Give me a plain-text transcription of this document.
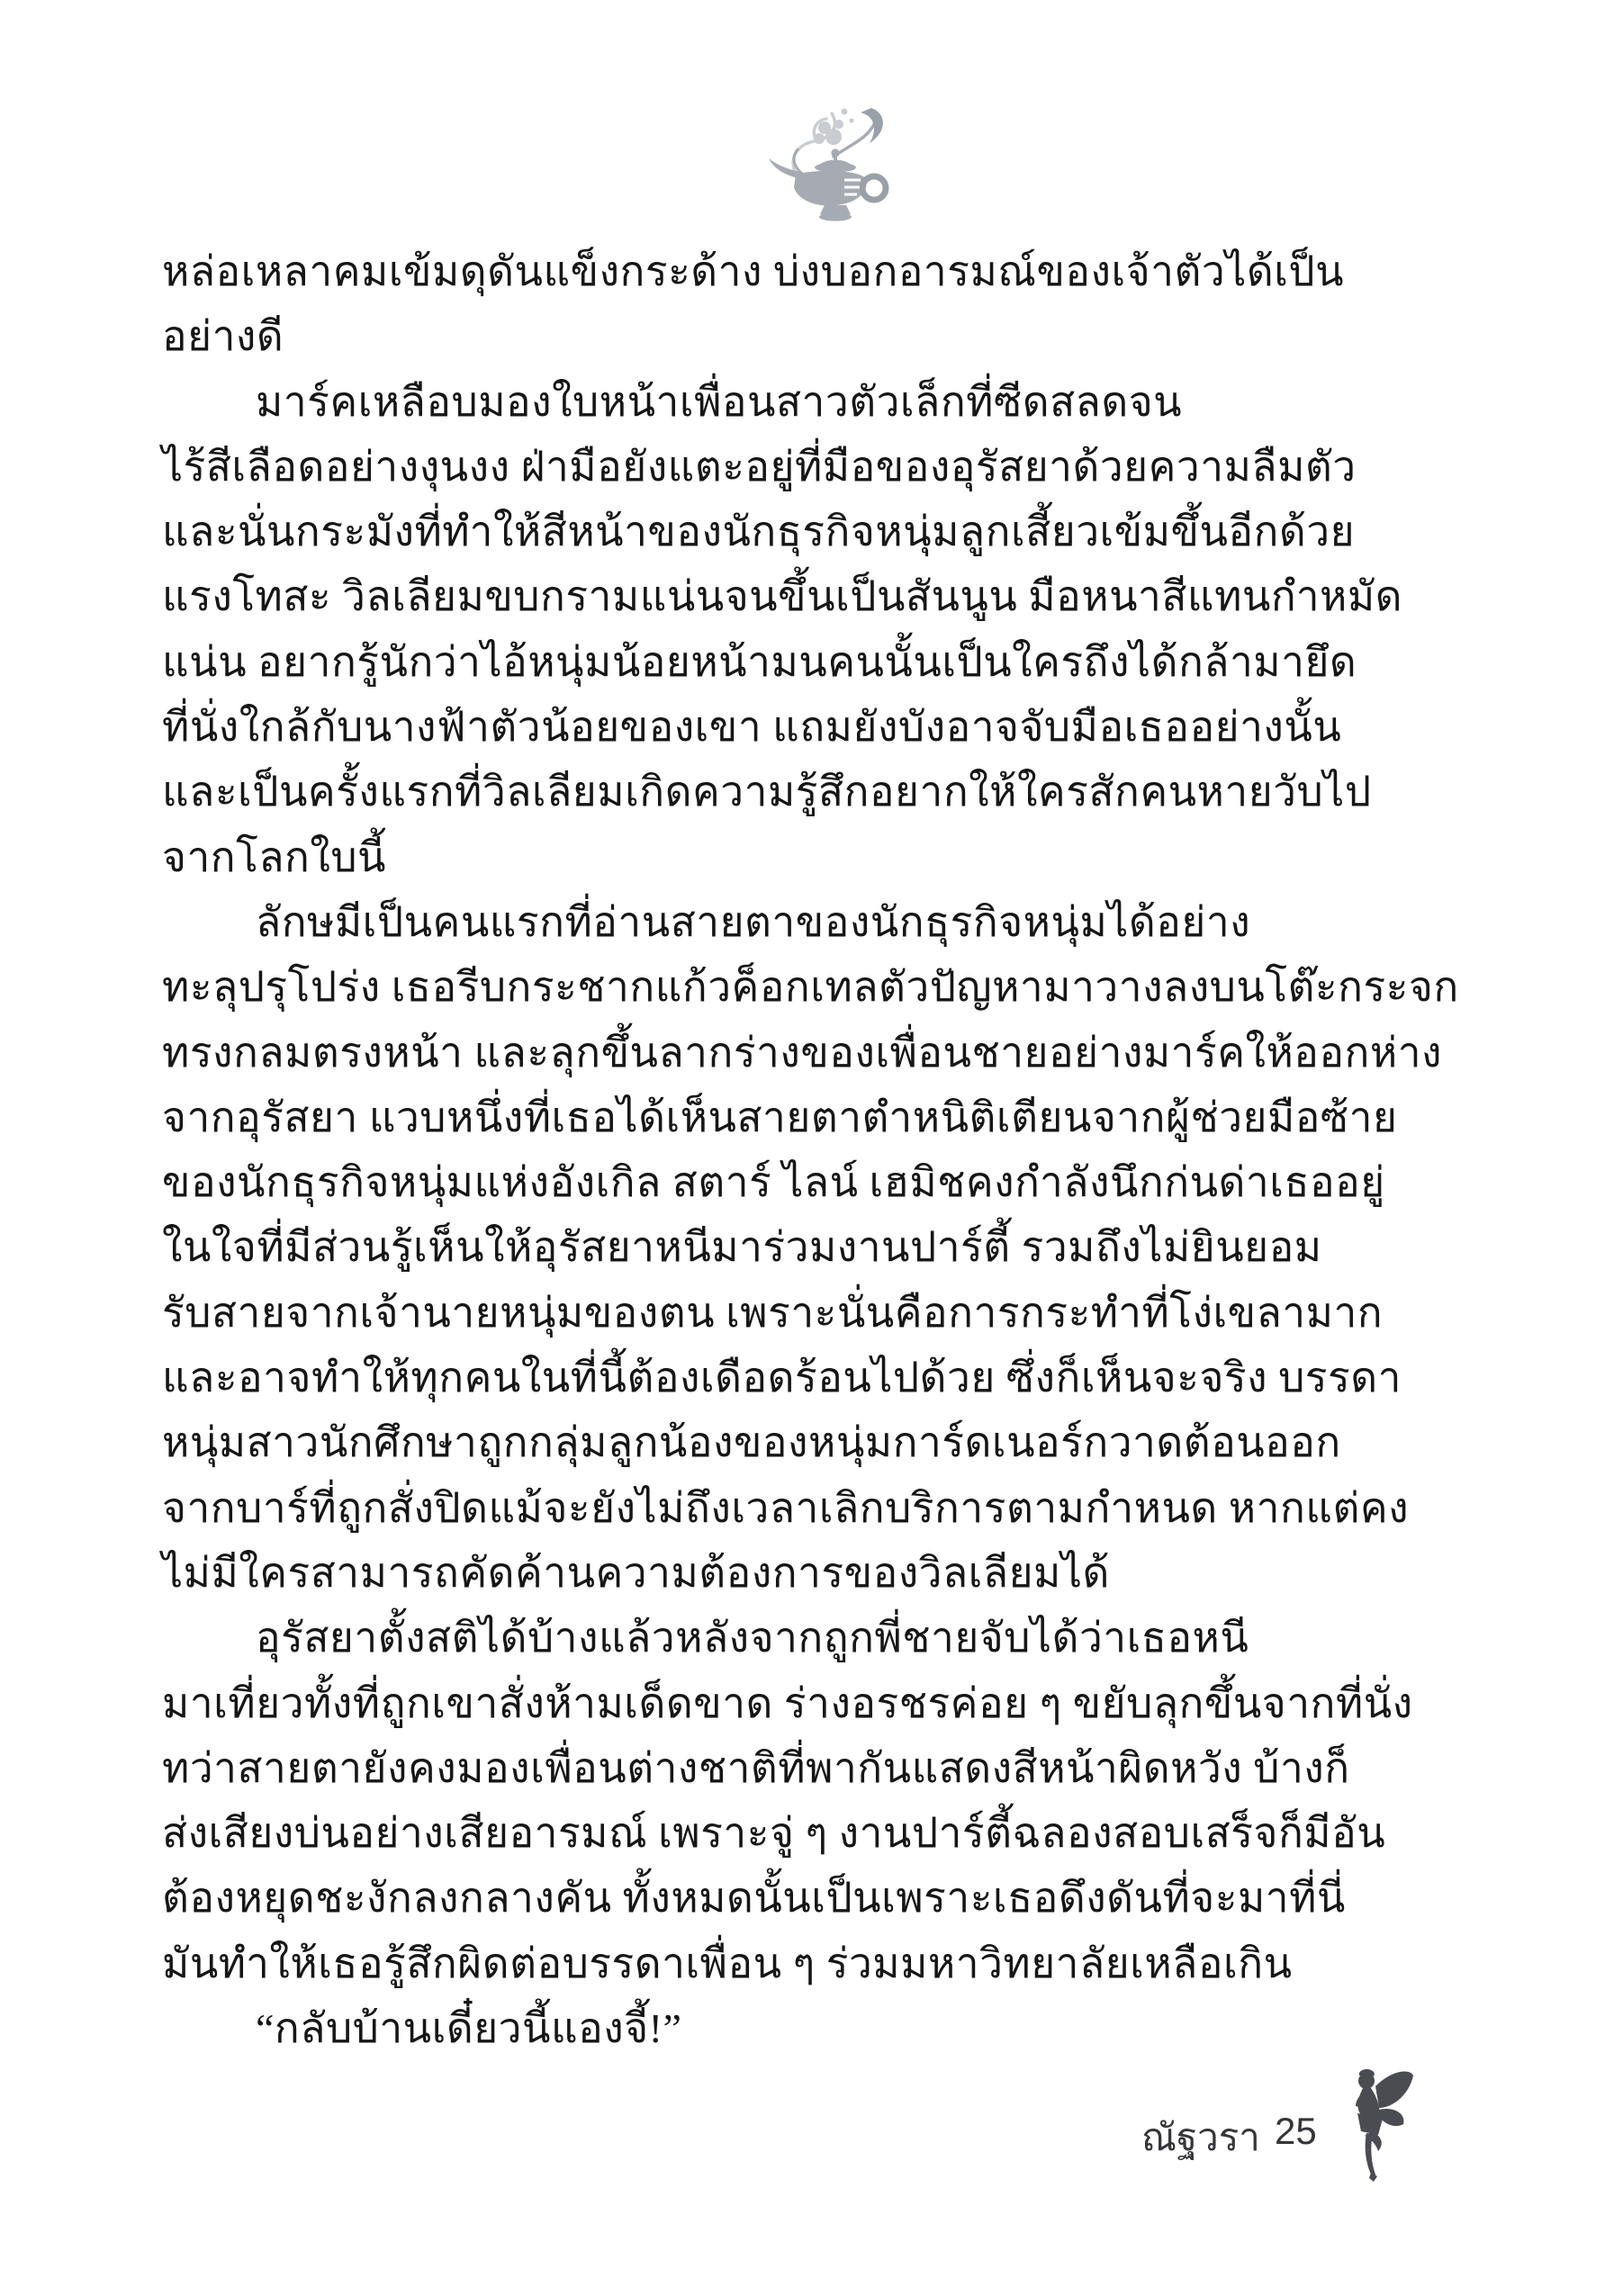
หล่อเหลาคมเข้มดุดันแข็งกระด้าง บ่งบอกอารมณ์ของเจ้าตัวได้เป็น
อย่างดี
มาร์คเหลือบมองใบหน้าเพื่อนสาวตัวเล็กที่ซีดสลดจน
ไร้สีเลือดอย่างงุนงง ฝ่ามือยังแตะอยู่ที่มือของอุรัสยาด้วยความลืมตัว
และนั่นกระมังที่ทำให้สีหน้าของนักธุรกิจหนุ่มลูกเสี้ยวเข้มขึ้นอีกด้วย
แรงโทสะ วิลเลียมขบกรามแน่นจนขึ้นเป็นสันนูน มือหนาสีแทนกำหมัด
แน่น อยากรู้นักว่าไอ้หนุ่มน้อยหน้ามนคนนั้นเป็นใครถึงได้กล้ามายึด
ที่นั่งใกล้กับนางฟ้าตัวน้อยของเขา แถมยังบังอาจจับมือเธออย่างนั้น
และเป็นครั้งแรกที่วิลเลียมเกิดความรู้สึกอยากให้ใครสักคนหายวับไป
จากโลกใบนี้
ลักษมีเป็นคนแรกที่อ่านสายตาของนักธุรกิจหนุ่มได้อย่าง
ทะลุปรุโปร่ง เธอรีบกระชากแก้วค็อกเทลตัวปัญหามาวางลงบนโต๊ะกระจก
ทรงกลมตรงหน้า และลุกขึ้นลากร่างของเพื่อนชายอย่างมาร์คให้ออกห่าง
จากอุรัสยา แวบหนึ่งที่เธอได้เห็นสายตาตำหนิติเตียนจากผู้ช่วยมือซ้าย
ของนักธุรกิจหนุ่มแห่งอังเกิล สตาร์ ไลน์ เฮมิชคงกำลังนึกก่นด่าเธออยู่
ในใจที่มีส่วนรู้เห็นให้อุรัสยาหนีมาร่วมงานปาร์ตี้ รวมถึงไม่ยินยอม
รับสายจากเจ้านายหนุ่มของตน เพราะนั่นคือการกระทำที่โง่เขลามาก
และอาจทำให้ทุกคนในที่นี้ต้องเดือดร้อนไปด้วย ซึ่งก็เห็นจะจริง บรรดา
หนุ่มสาวนักศึกษาถูกกลุ่มลูกน้องของหนุ่มการ์ดเนอร์กวาดต้อนออก
จากบาร์ที่ถูกสั่งปิดแม้จะยังไม่ถึงเวลาเลิกบริการตามกำหนด หากแต่คง
ไม่มีใครสามารถคัดค้านความต้องการของวิลเลียมได้
อุรัสยาตั้งสติได้บ้างแล้วหลังจากถูกพี่ชายจับได้ว่าเธอหนี
มาเที่ยวทั้งที่ถูกเขาสั่งห้ามเด็ดขาด ร่างอรชรค่อย ๆ ขยับลุกขึ้นจากที่นั่ง
ทว่าสายตายังคงมองเพื่อนต่างชาติที่พากันแสดงสีหน้าผิดหวัง บ้างก็
ส่งเสียงบ่นอย่างเสียอารมณ์ เพราะจู่ ๆ งานปาร์ตี้ฉลองสอบเสร็จก็มีอัน
ต้องหยุดชะงักลงกลางคัน ทั้งหมดนั้นเป็นเพราะเธอดึงดันที่จะมาที่นี่
มันทำให้เธอรู้สึกผิดต่อบรรดาเพื่อน ๆ ร่วมมหาวิทยาลัยเหลือเกิน
“กลับบ้านเดี๋ยวนี้แองจี้!”
ณัฐวรา 25
